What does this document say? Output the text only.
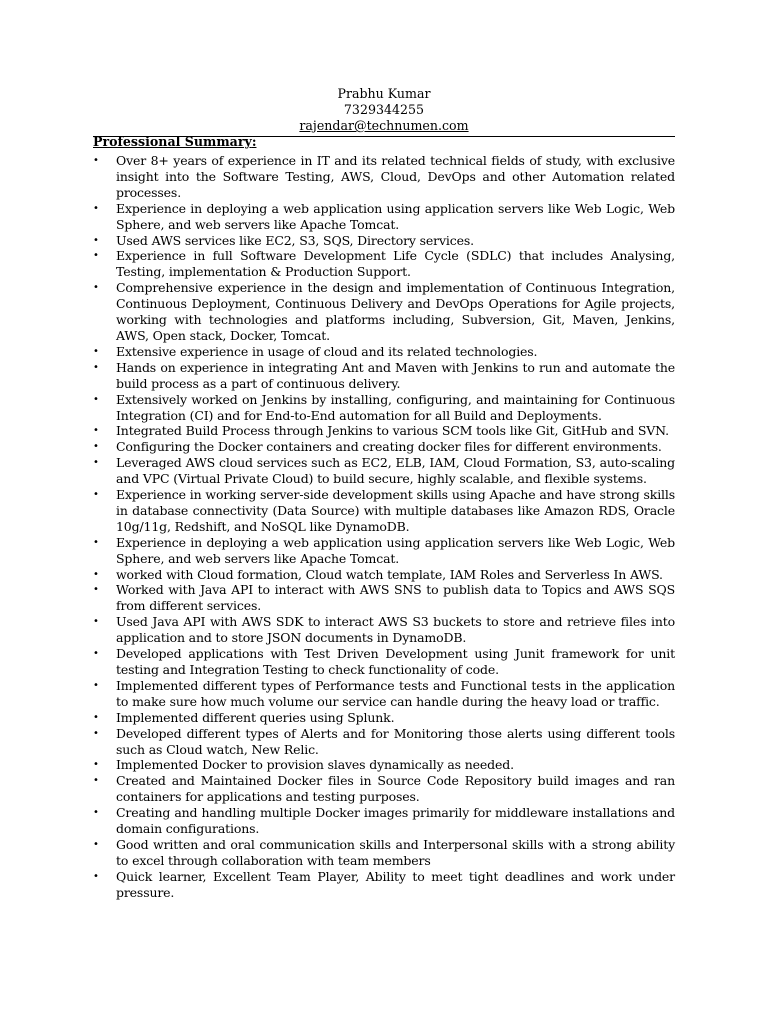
Prabhu Kumar
7329344255
rajendar@technumen.com
Professional Summary:
• Over 8+ years of experience in IT and its related technical fields of study, with exclusive insight into the Software Testing, AWS, Cloud, DevOps and other Automation related processes.
• Experience in deploying a web application using application servers like Web Logic, Web Sphere, and web servers like Apache Tomcat.
• Used AWS services like EC2, S3, SQS, Directory services.
• Experience in full Software Development Life Cycle (SDLC) that includes Analysing, Testing, implementation & Production Support.
• Comprehensive experience in the design and implementation of Continuous Integration, Continuous Deployment, Continuous Delivery and DevOps Operations for Agile projects, working with technologies and platforms including, Subversion, Git, Maven, Jenkins, AWS, Open stack, Docker, Tomcat.
• Extensive experience in usage of cloud and its related technologies.
• Hands on experience in integrating Ant and Maven with Jenkins to run and automate the build process as a part of continuous delivery.
• Extensively worked on Jenkins by installing, configuring, and maintaining for Continuous Integration (CI) and for End-to-End automation for all Build and Deployments.
• Integrated Build Process through Jenkins to various SCM tools like Git, GitHub and SVN.
• Configuring the Docker containers and creating docker files for different environments.
• Leveraged AWS cloud services such as EC2, ELB, IAM, Cloud Formation, S3, auto-scaling and VPC (Virtual Private Cloud) to build secure, highly scalable, and flexible systems.
• Experience in working server-side development skills using Apache and have strong skills in database connectivity (Data Source) with multiple databases like Amazon RDS, Oracle 10g/11g, Redshift, and NoSQL like DynamoDB.
• Experience in deploying a web application using application servers like Web Logic, Web Sphere, and web servers like Apache Tomcat.
• worked with Cloud formation, Cloud watch template, IAM Roles and Serverless In AWS.
• Worked with Java API to interact with AWS SNS to publish data to Topics and AWS SQS from different services.
• Used Java API with AWS SDK to interact AWS S3 buckets to store and retrieve files into application and to store JSON documents in DynamoDB.
• Developed applications with Test Driven Development using Junit framework for unit testing and Integration Testing to check functionality of code.
• Implemented different types of Performance tests and Functional tests in the application to make sure how much volume our service can handle during the heavy load or traffic.
• Implemented different queries using Splunk.
• Developed different types of Alerts and for Monitoring those alerts using different tools such as Cloud watch, New Relic.
• Implemented Docker to provision slaves dynamically as needed.
• Created and Maintained Docker files in Source Code Repository build images and ran containers for applications and testing purposes.
• Creating and handling multiple Docker images primarily for middleware installations and domain configurations.
• Good written and oral communication skills and Interpersonal skills with a strong ability to excel through collaboration with team members
• Quick learner, Excellent Team Player, Ability to meet tight deadlines and work under pressure.
